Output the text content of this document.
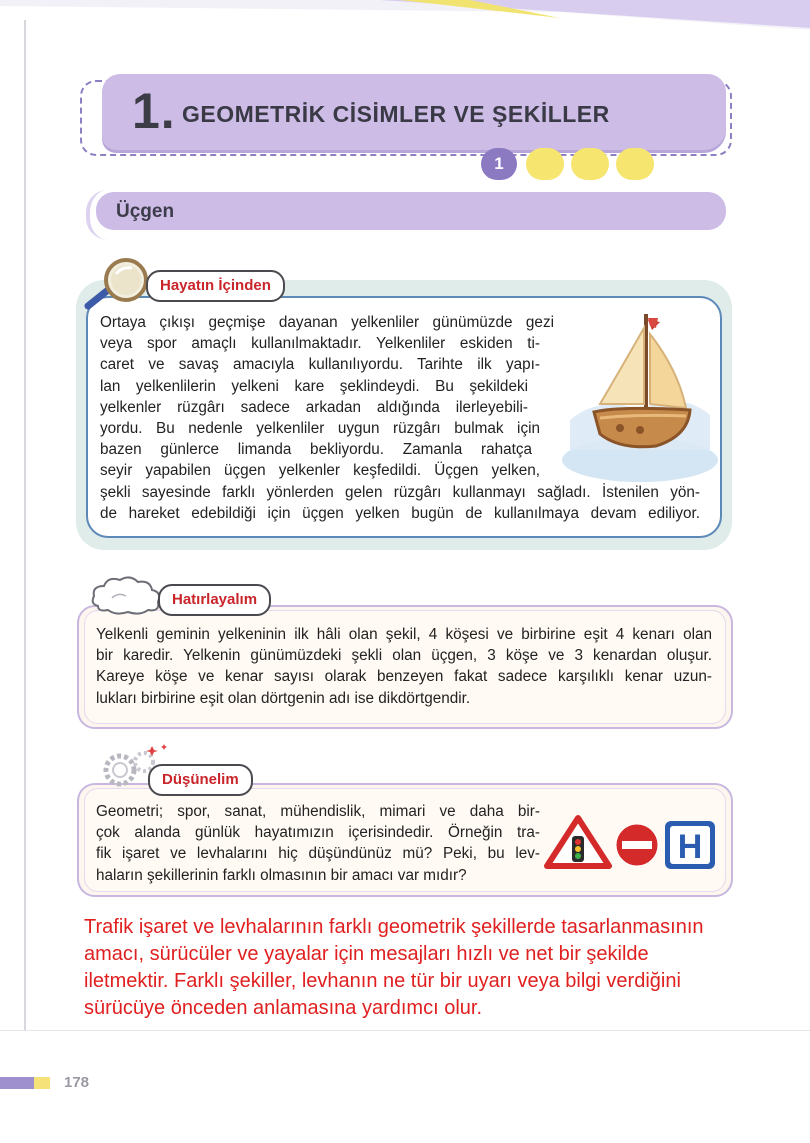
1. GEOMETRİK CİSİMLER VE ŞEKİLLER
1
Üçgen
Hayatın İçinden
Ortaya çıkışı geçmişe dayanan yelkenliler günümüzde gezi
veya spor amaçlı kullanılmaktadır. Yelkenliler eskiden ti-
caret ve savaş amacıyla kullanılıyordu. Tarihte ilk yapı-
lan yelkenlilerin yelkeni kare şeklindeydi. Bu şekildeki
yelkenler rüzgârı sadece arkadan aldığında ilerleyebili-
yordu. Bu nedenle yelkenliler uygun rüzgârı bulmak için
bazen günlerce limanda bekliyordu. Zamanla rahatça
seyir yapabilen üçgen yelkenler keşfedildi. Üçgen yelken,
şekli sayesinde farklı yönlerden gelen rüzgârı kullanmayı sağladı. İstenilen yön-
de hareket edebildiği için üçgen yelken bugün de kullanılmaya devam ediliyor.
Hatırlayalım
Yelkenli geminin yelkeninin ilk hâli olan şekil, 4 köşesi ve birbirine eşit 4 kenarı olan
bir karedir. Yelkenin günümüzdeki şekli olan üçgen, 3 köşe ve 3 kenardan oluşur.
Kareye köşe ve kenar sayısı olarak benzeyen fakat sadece karşılıklı kenar uzun-
lukları birbirine eşit olan dörtgenin adı ise dikdörtgendir.
Düşünelim
Geometri; spor, sanat, mühendislik, mimari ve daha bir-
çok alanda günlük hayatımızın içerisindedir. Örneğin tra-
fik işaret ve levhalarını hiç düşündünüz mü? Peki, bu lev-
haların şekillerinin farklı olmasının bir amacı var mıdır?
H
Trafik işaret ve levhalarının farklı geometrik şekillerde tasarlanmasının
amacı, sürücüler ve yayalar için mesajları hızlı ve net bir şekilde
iletmektir. Farklı şekiller, levhanın ne tür bir uyarı veya bilgi verdiğini
sürücüye önceden anlamasına yardımcı olur.
178
